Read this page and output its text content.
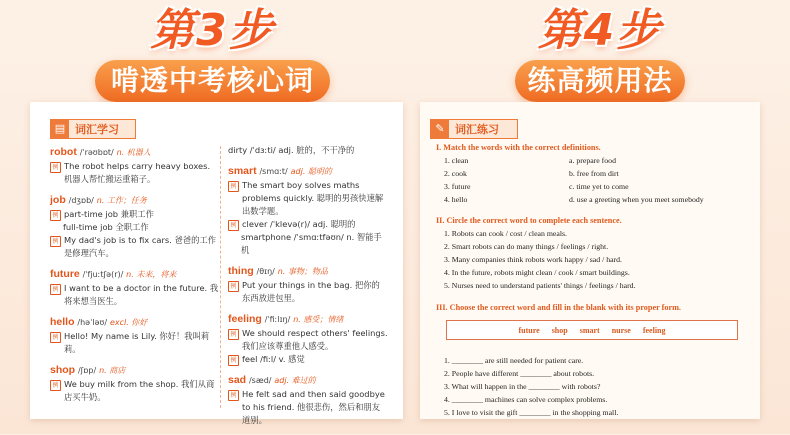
第3步
啃透中考核心词
第4步
练高频用法
▤ 词汇学习
robot /ˈrəʊbɒt/ n. 机器人
例 The robot helps carry heavy boxes. 机器人帮忙搬运重箱子。
job /dʒɒb/ n. 工作；任务
例 part-time job 兼职工作
full-time job 全职工作
例 My dad's job is to fix cars. 爸爸的工作是修理汽车。
future /ˈfjuːtʃə(r)/ n. 未来，将来
例 I want to be a doctor in the future. 我将来想当医生。
hello /həˈləʊ/ excl. 你好
例 Hello! My name is Lily. 你好！我叫莉莉。
shop /ʃɒp/ n. 商店
例 We buy milk from the shop. 我们从商店买牛奶。
dirty /ˈdɜːti/ adj. 脏的，不干净的
smart /smɑːt/ adj. 聪明的
例 The smart boy solves maths problems quickly. 聪明的男孩快速解出数学题。
例 clever /ˈklevə(r)/ adj. 聪明的
smartphone /ˈsmɑːtfəʊn/ n. 智能手机
thing /θɪŋ/ n. 事物；物品
例 Put your things in the bag. 把你的东西放进包里。
feeling /ˈfiːlɪŋ/ n. 感受；情绪
例 We should respect others' feelings. 我们应该尊重他人感受。
例 feel /fiːl/ v. 感觉
sad /sæd/ adj. 难过的
例 He felt sad and then said goodbye to his friend. 他很悲伤，然后和朋友道别。
✎ 词汇练习
I. Match the words with the correct definitions.
1. clean	a. prepare food
2. cook	b. free from dirt
3. future	c. time yet to come
4. hello	d. use a greeting when you meet somebody
II. Circle the correct word to complete each sentence.
1. Robots can cook / cost / clean meals.
2. Smart robots can do many things / feelings / right.
3. Many companies think robots work happy / sad / hard.
4. In the future, robots might clean / cook / smart buildings.
5. Nurses need to understand patients' things / feelings / hard.
III. Choose the correct word and fill in the blank with its proper form.
future shop smart nurse feeling
1. ________ are still needed for patient care.
2. People have different ________ about robots.
3. What will happen in the ________ with robots?
4. ________ machines can solve complex problems.
5. I love to visit the gift ________ in the shopping mall.
